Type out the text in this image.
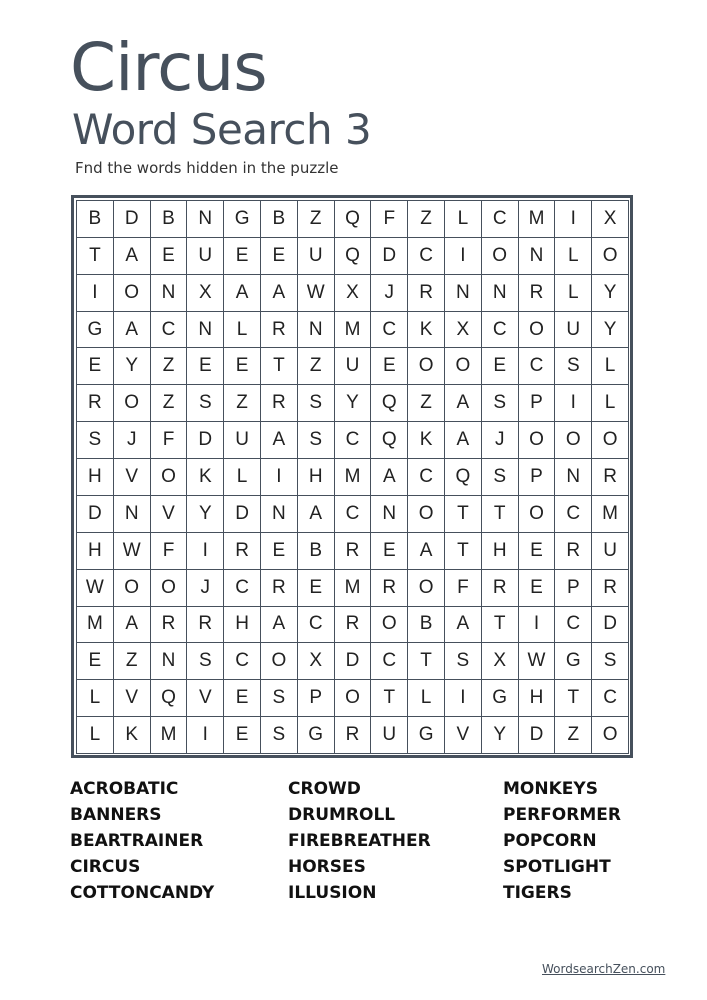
Circus
Word Search 3
Fnd the words hidden in the puzzle
B	D	B	N	G	B	Z	Q	F	Z	L	C	M	I	X
T	A	E	U	E	E	U	Q	D	C	I	O	N	L	O
I	O	N	X	A	A	W	X	J	R	N	N	R	L	Y
G	A	C	N	L	R	N	M	C	K	X	C	O	U	Y
E	Y	Z	E	E	T	Z	U	E	O	O	E	C	S	L
R	O	Z	S	Z	R	S	Y	Q	Z	A	S	P	I	L
S	J	F	D	U	A	S	C	Q	K	A	J	O	O	O
H	V	O	K	L	I	H	M	A	C	Q	S	P	N	R
D	N	V	Y	D	N	A	C	N	O	T	T	O	C	M
H	W	F	I	R	E	B	R	E	A	T	H	E	R	U
W	O	O	J	C	R	E	M	R	O	F	R	E	P	R
M	A	R	R	H	A	C	R	O	B	A	T	I	C	D
E	Z	N	S	C	O	X	D	C	T	S	X	W	G	S
L	V	Q	V	E	S	P	O	T	L	I	G	H	T	C
L	K	M	I	E	S	G	R	U	G	V	Y	D	Z	O
ACROBATIC
BANNERS
BEARTRAINER
CIRCUS
COTTONCANDY
CROWD
DRUMROLL
FIREBREATHER
HORSES
ILLUSION
MONKEYS
PERFORMER
POPCORN
SPOTLIGHT
TIGERS
WordsearchZen.com
